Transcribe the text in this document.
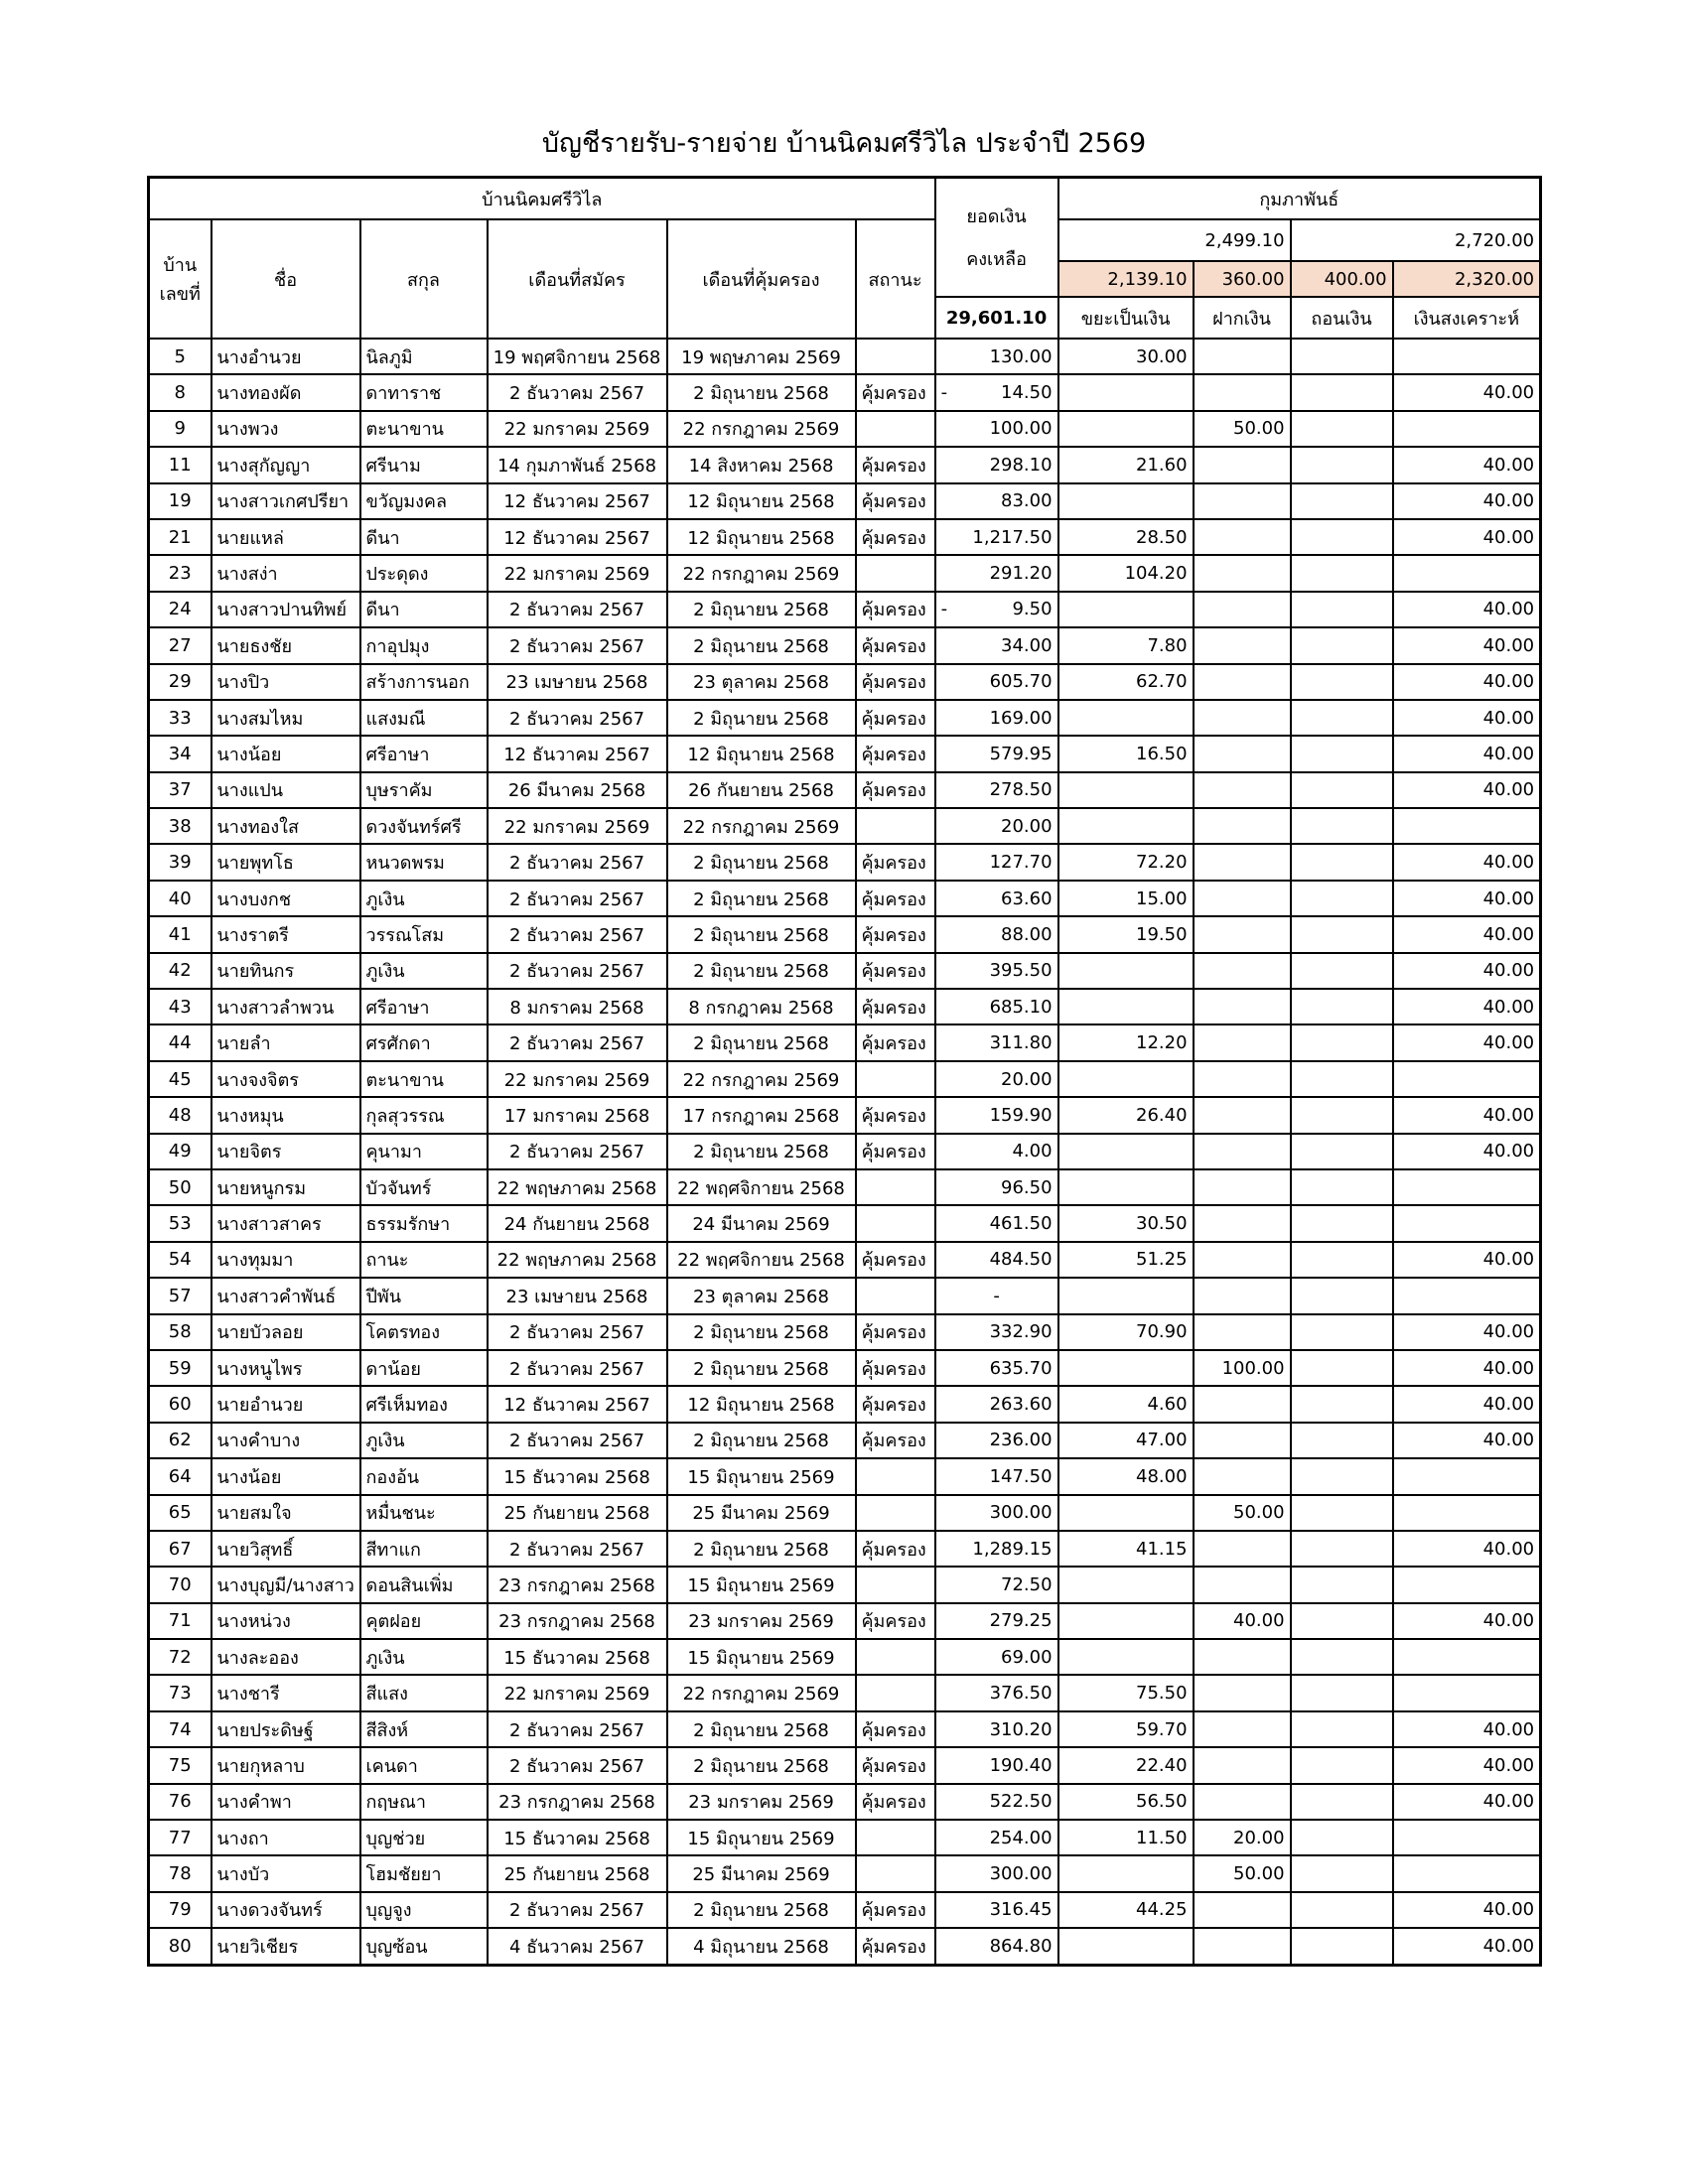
บัญชีรายรับ-รายจ่าย บ้านนิคมศรีวิไล ประจำปี 2569
บ้านนิคมศรีวิไล						ยอดเงิน
คงเหลือ	กุมภาพันธ์			

บ้าน
เลขที่	ชื่อ	สกุล	เดือนที่สมัคร	เดือนที่คุ้มครอง	สถานะ		2,499.10		2,720.00	
							2,139.10	360.00	400.00	2,320.00
						29,601.10	ขยะเป็นเงิน	ฝากเงิน	ถอนเงิน	เงินสงเคราะห์
5	นางอำนวย	นิลภูมิ	19 พฤศจิกายน 2568	19 พฤษภาคม 2569		130.00	30.00			
8	นางทองผัด	ดาทาราช	2 ธันวาคม 2567	2 มิถุนายน 2568	คุ้มครอง	- 14.50				40.00
9	นางพวง	ตะนาขาน	22 มกราคม 2569	22 กรกฎาคม 2569		100.00		50.00		
11	นางสุกัญญา	ศรีนาม	14 กุมภาพันธ์ 2568	14 สิงหาคม 2568	คุ้มครอง	298.10	21.60			40.00
19	นางสาวเกศปรียา	ขวัญมงคล	12 ธันวาคม 2567	12 มิถุนายน 2568	คุ้มครอง	83.00				40.00
21	นายแหล่	ดีนา	12 ธันวาคม 2567	12 มิถุนายน 2568	คุ้มครอง	1,217.50	28.50			40.00
23	นางสง่า	ประดุดง	22 มกราคม 2569	22 กรกฎาคม 2569		291.20	104.20			
24	นางสาวปานทิพย์	ดีนา	2 ธันวาคม 2567	2 มิถุนายน 2568	คุ้มครอง	- 9.50				40.00
27	นายธงชัย	กาอุปมุง	2 ธันวาคม 2567	2 มิถุนายน 2568	คุ้มครอง	34.00	7.80			40.00
29	นางปิว	สร้างการนอก	23 เมษายน 2568	23 ตุลาคม 2568	คุ้มครอง	605.70	62.70			40.00
33	นางสมไหม	แสงมณี	2 ธันวาคม 2567	2 มิถุนายน 2568	คุ้มครอง	169.00				40.00
34	นางน้อย	ศรีอาษา	12 ธันวาคม 2567	12 มิถุนายน 2568	คุ้มครอง	579.95	16.50			40.00
37	นางแปน	บุษราคัม	26 มีนาคม 2568	26 กันยายน 2568	คุ้มครอง	278.50				40.00
38	นางทองใส	ดวงจันทร์ศรี	22 มกราคม 2569	22 กรกฎาคม 2569		20.00				
39	นายพุทโธ	หนวดพรม	2 ธันวาคม 2567	2 มิถุนายน 2568	คุ้มครอง	127.70	72.20			40.00
40	นางบงกช	ภูเงิน	2 ธันวาคม 2567	2 มิถุนายน 2568	คุ้มครอง	63.60	15.00			40.00
41	นางราตรี	วรรณโสม	2 ธันวาคม 2567	2 มิถุนายน 2568	คุ้มครอง	88.00	19.50			40.00
42	นายทินกร	ภูเงิน	2 ธันวาคม 2567	2 มิถุนายน 2568	คุ้มครอง	395.50				40.00
43	นางสาวลำพวน	ศรีอาษา	8 มกราคม 2568	8 กรกฎาคม 2568	คุ้มครอง	685.10				40.00
44	นายลำ	ศรศักดา	2 ธันวาคม 2567	2 มิถุนายน 2568	คุ้มครอง	311.80	12.20			40.00
45	นางจงจิตร	ตะนาขาน	22 มกราคม 2569	22 กรกฎาคม 2569		20.00				
48	นางหมุน	กุลสุวรรณ	17 มกราคม 2568	17 กรกฎาคม 2568	คุ้มครอง	159.90	26.40			40.00
49	นายจิตร	คุนามา	2 ธันวาคม 2567	2 มิถุนายน 2568	คุ้มครอง	4.00				40.00
50	นายหนูกรม	บัวจันทร์	22 พฤษภาคม 2568	22 พฤศจิกายน 2568		96.50				
53	นางสาวสาคร	ธรรมรักษา	24 กันยายน 2568	24 มีนาคม 2569		461.50	30.50			
54	นางทุมมา	ถานะ	22 พฤษภาคม 2568	22 พฤศจิกายน 2568	คุ้มครอง	484.50	51.25			40.00
57	นางสาวคำพันธ์	ปีพัน	23 เมษายน 2568	23 ตุลาคม 2568		-				
58	นายบัวลอย	โคตรทอง	2 ธันวาคม 2567	2 มิถุนายน 2568	คุ้มครอง	332.90	70.90			40.00
59	นางหนูไพร	ดาน้อย	2 ธันวาคม 2567	2 มิถุนายน 2568	คุ้มครอง	635.70		100.00		40.00
60	นายอำนวย	ศรีเห็มทอง	12 ธันวาคม 2567	12 มิถุนายน 2568	คุ้มครอง	263.60	4.60			40.00
62	นางคำบาง	ภูเงิน	2 ธันวาคม 2567	2 มิถุนายน 2568	คุ้มครอง	236.00	47.00			40.00
64	นางน้อย	กองอ้น	15 ธันวาคม 2568	15 มิถุนายน 2569		147.50	48.00			
65	นายสมใจ	หมื่นชนะ	25 กันยายน 2568	25 มีนาคม 2569		300.00		50.00		
67	นายวิสุทธิ์	สีทาแก	2 ธันวาคม 2567	2 มิถุนายน 2568	คุ้มครอง	1,289.15	41.15			40.00
70	นางบุญมี/นางสาว	ดอนสินเพิ่ม	23 กรกฎาคม 2568	15 มิถุนายน 2569		72.50				
71	นางหน่วง	คุตฝอย	23 กรกฎาคม 2568	23 มกราคม 2569	คุ้มครอง	279.25		40.00		40.00
72	นางละออง	ภูเงิน	15 ธันวาคม 2568	15 มิถุนายน 2569		69.00				
73	นางชารี	สีแสง	22 มกราคม 2569	22 กรกฎาคม 2569		376.50	75.50			
74	นายประดิษฐ์	สีสิงห์	2 ธันวาคม 2567	2 มิถุนายน 2568	คุ้มครอง	310.20	59.70			40.00
75	นายกุหลาบ	เคนดา	2 ธันวาคม 2567	2 มิถุนายน 2568	คุ้มครอง	190.40	22.40			40.00
76	นางคำพา	กฤษณา	23 กรกฎาคม 2568	23 มกราคม 2569	คุ้มครอง	522.50	56.50			40.00
77	นางถา	บุญช่วย	15 ธันวาคม 2568	15 มิถุนายน 2569		254.00	11.50	20.00		
78	นางบัว	โฮมชัยยา	25 กันยายน 2568	25 มีนาคม 2569		300.00		50.00		
79	นางดวงจันทร์	บุญจูง	2 ธันวาคม 2567	2 มิถุนายน 2568	คุ้มครอง	316.45	44.25			40.00
80	นายวิเชียร	บุญซ้อน	4 ธันวาคม 2567	4 มิถุนายน 2568	คุ้มครอง	864.80				40.00
